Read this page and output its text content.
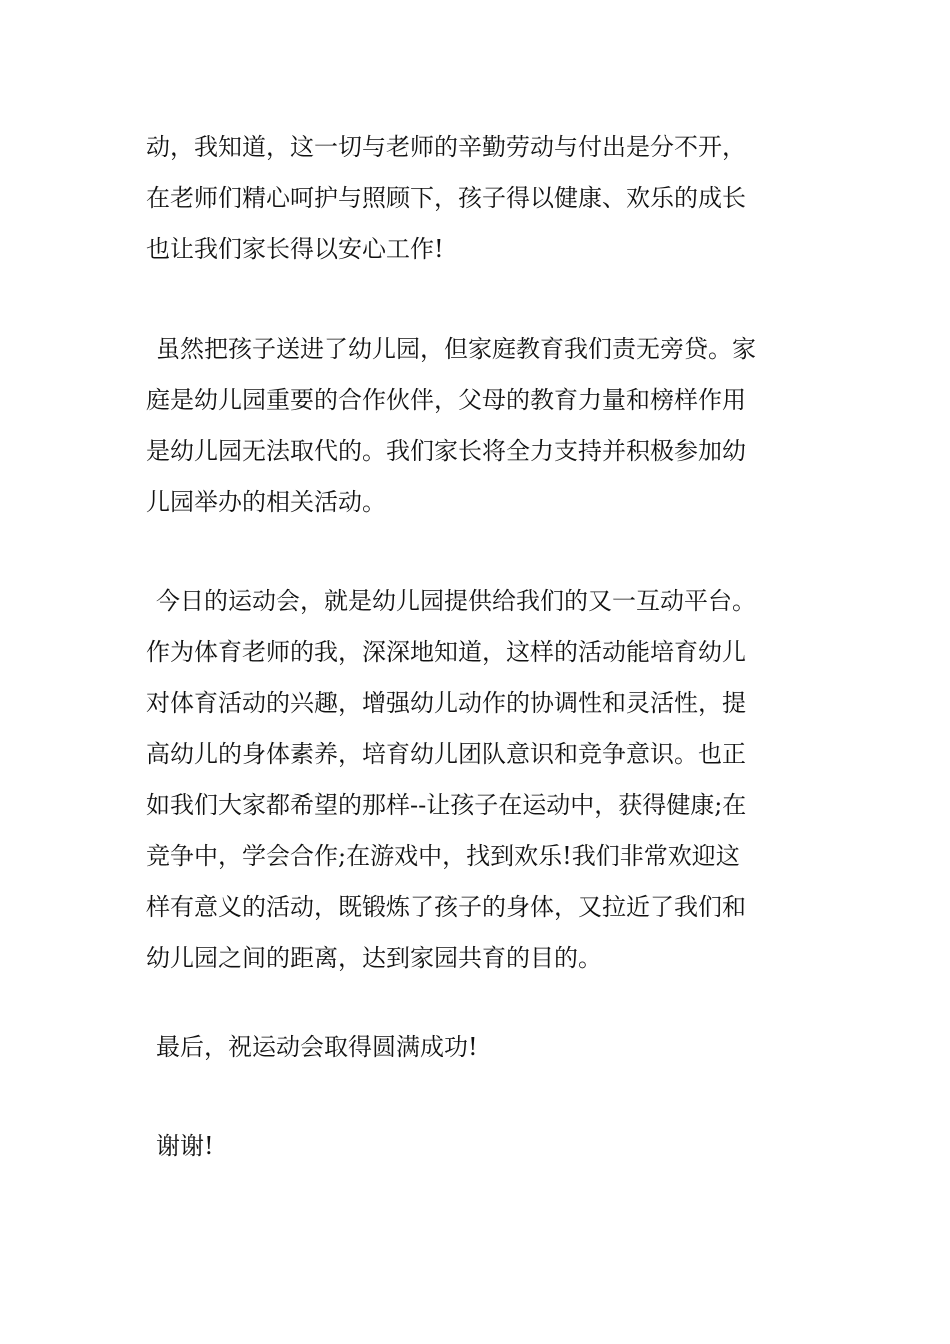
动，我知道，这一切与老师的辛勤劳动与付出是分不开，
在老师们精心呵护与照顾下，孩子得以健康、欢乐的成长
也让我们家长得以安心工作!
虽然把孩子送进了幼儿园，但家庭教育我们责无旁贷。家
庭是幼儿园重要的合作伙伴，父母的教育力量和榜样作用
是幼儿园无法取代的。我们家长将全力支持并积极参加幼
儿园举办的相关活动。
今日的运动会，就是幼儿园提供给我们的又一互动平台。
作为体育老师的我，深深地知道，这样的活动能培育幼儿
对体育活动的兴趣，增强幼儿动作的协调性和灵活性，提
高幼儿的身体素养，培育幼儿团队意识和竞争意识。也正
如我们大家都希望的那样--让孩子在运动中，获得健康;在
竞争中，学会合作;在游戏中，找到欢乐!我们非常欢迎这
样有意义的活动，既锻炼了孩子的身体，又拉近了我们和
幼儿园之间的距离，达到家园共育的目的。
最后，祝运动会取得圆满成功!
谢谢!
